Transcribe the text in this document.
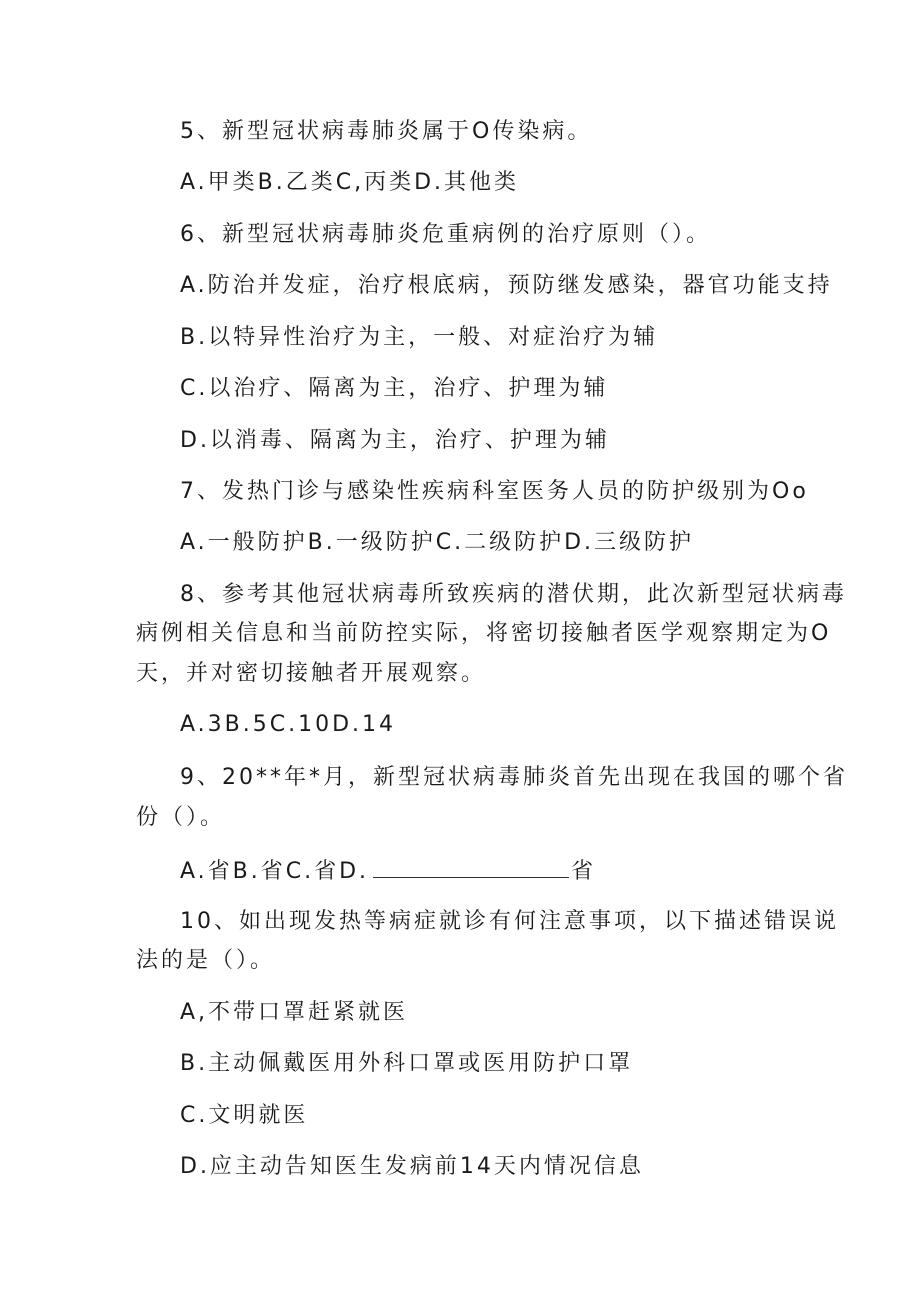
5、新型冠状病毒肺炎属于O传染病。
A.甲类B.乙类C,丙类D.其他类
6、新型冠状病毒肺炎危重病例的治疗原则（）。
A.防治并发症，治疗根底病，预防继发感染，器官功能支持
B.以特异性治疗为主，一般、对症治疗为辅
C.以治疗、隔离为主，治疗、护理为辅
D.以消毒、隔离为主，治疗、护理为辅
7、发热门诊与感染性疾病科室医务人员的防护级别为Oo
A.一般防护B.一级防护C.二级防护D.三级防护
8、参考其他冠状病毒所致疾病的潜伏期，此次新型冠状病毒
病例相关信息和当前防控实际，将密切接触者医学观察期定为O
天，并对密切接触者开展观察。
A.3B.5C.10D.14
9、20**年*月，新型冠状病毒肺炎首先出现在我国的哪个省
份（）。
A.省B.省C.省D.	省
10、如出现发热等病症就诊有何注意事项，以下描述错误说
法的是（）。
A,不带口罩赶紧就医
B.主动佩戴医用外科口罩或医用防护口罩
C.文明就医
D.应主动告知医生发病前14天内情况信息
